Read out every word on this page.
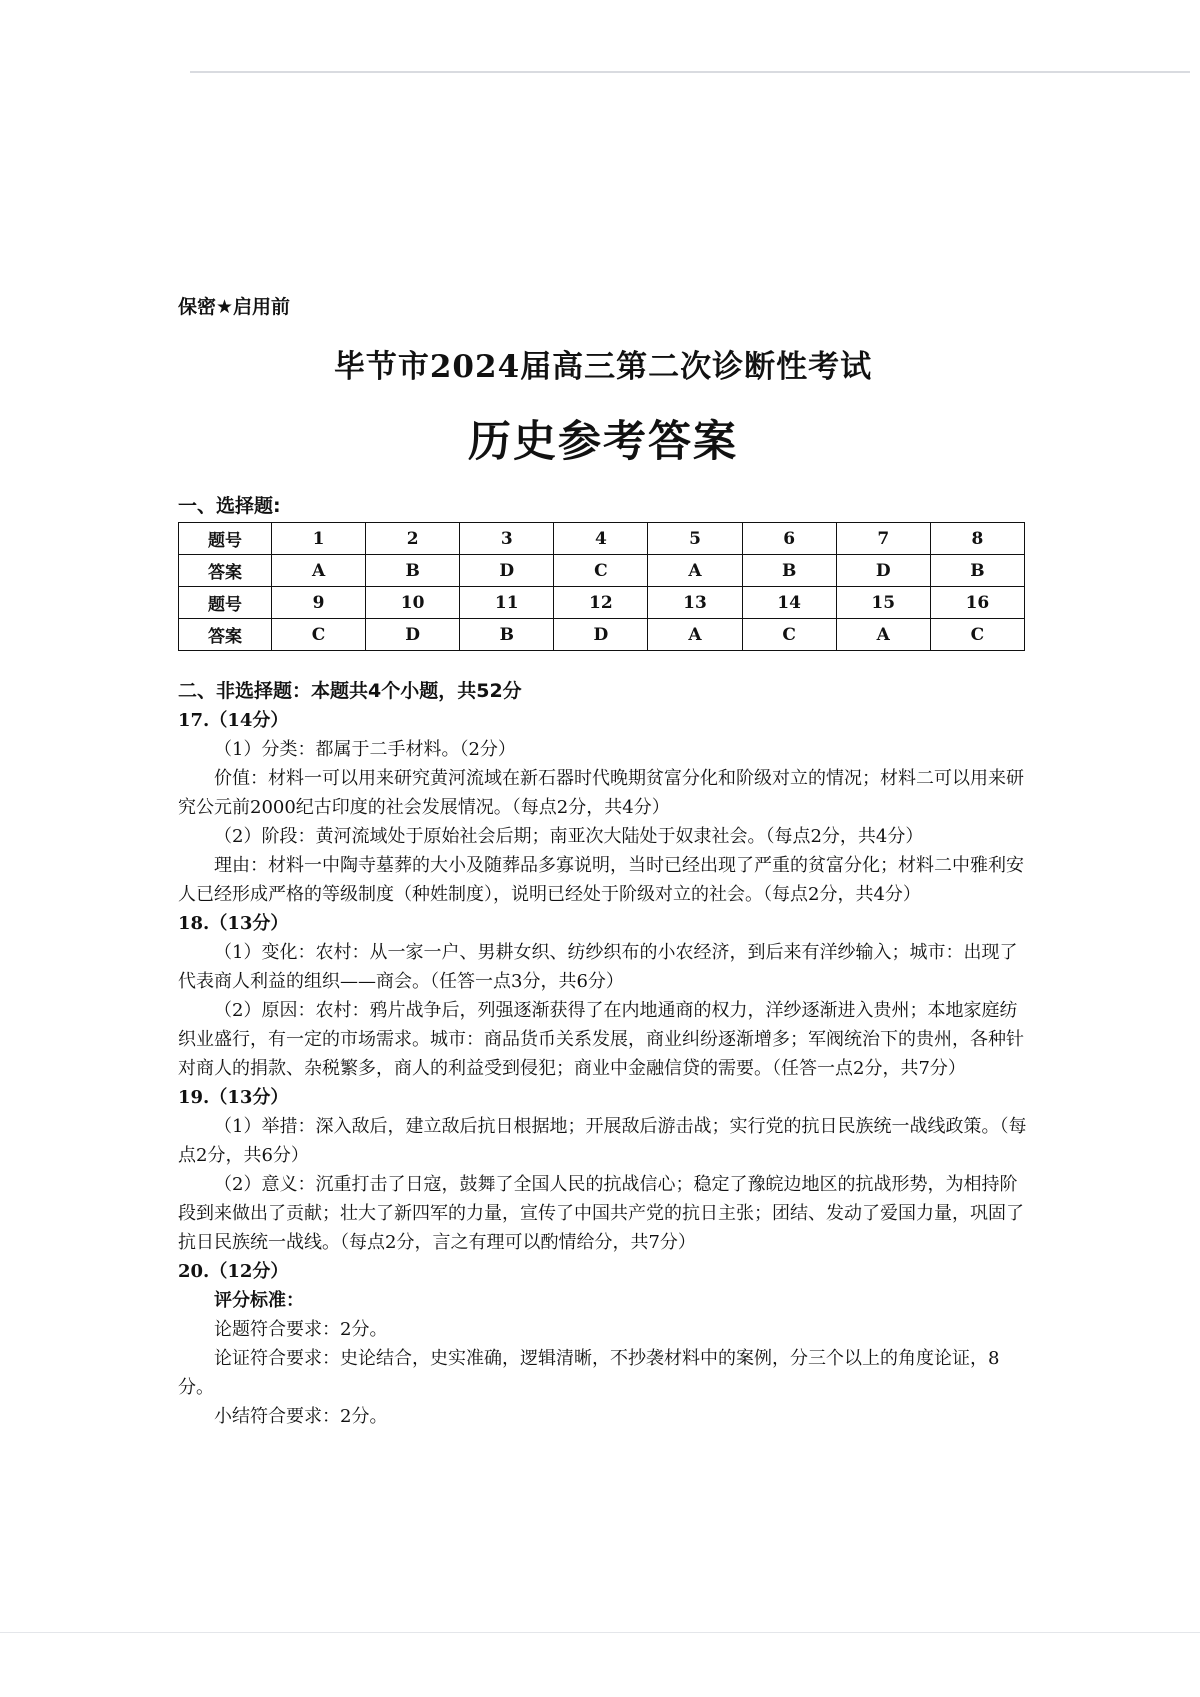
保密★启用前

毕节市2024届高三第二次诊断性考试

历史参考答案

一、选择题:

题号	1	2	3	4	5	6	7	8
答案	A	B	D	C	A	B	D	B
题号	9	10	11	12	13	14	15	16
答案	C	D	B	D	A	C	A	C

二、非选择题：本题共4个小题，共52分

17.（14分）

（1）分类：都属于二手材料。（2分）

价值：材料一可以用来研究黄河流域在新石器时代晚期贫富分化和阶级对立的情况；材料二可以用来研究公元前2000纪古印度的社会发展情况。（每点2分，共4分）

（2）阶段：黄河流域处于原始社会后期；南亚次大陆处于奴隶社会。（每点2分，共4分）

理由：材料一中陶寺墓葬的大小及随葬品多寡说明，当时已经出现了严重的贫富分化；材料二中雅利安人已经形成严格的等级制度（种姓制度），说明已经处于阶级对立的社会。（每点2分，共4分）

18.（13分）

（1）变化：农村：从一家一户、男耕女织、纺纱织布的小农经济，到后来有洋纱输入；城市：出现了代表商人利益的组织——商会。（任答一点3分，共6分）

（2）原因：农村：鸦片战争后，列强逐渐获得了在内地通商的权力，洋纱逐渐进入贵州；本地家庭纺织业盛行，有一定的市场需求。城市：商品货币关系发展，商业纠纷逐渐增多；军阀统治下的贵州，各种针对商人的捐款、杂税繁多，商人的利益受到侵犯；商业中金融信贷的需要。（任答一点2分，共7分）

19.（13分）

（1）举措：深入敌后，建立敌后抗日根据地；开展敌后游击战；实行党的抗日民族统一战线政策。（每点2分，共6分）

（2）意义：沉重打击了日寇，鼓舞了全国人民的抗战信心；稳定了豫皖边地区的抗战形势，为相持阶段到来做出了贡献；壮大了新四军的力量，宣传了中国共产党的抗日主张；团结、发动了爱国力量，巩固了抗日民族统一战线。（每点2分，言之有理可以酌情给分，共7分）

20.（12分）

评分标准：

论题符合要求：2分。

论证符合要求：史论结合，史实准确，逻辑清晰，不抄袭材料中的案例，分三个以上的角度论证，8分。

小结符合要求：2分。
